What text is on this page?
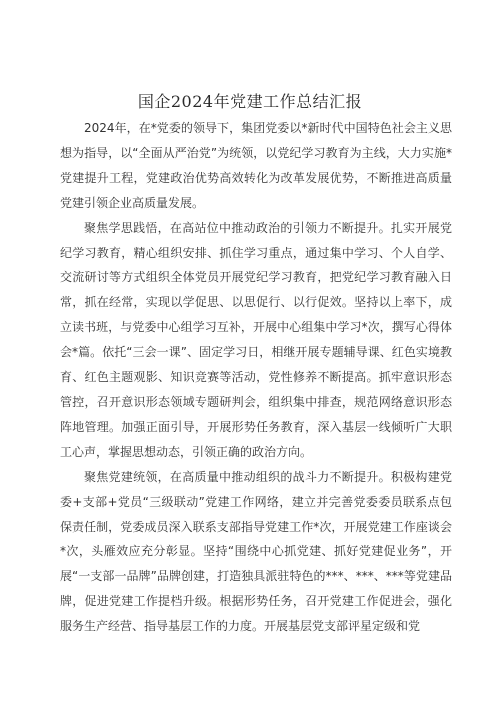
国企2024年党建工作总结汇报

2024年，在*党委的领导下，集团党委以*新时代中国特色社会主义思想为指导，以“全面从严治党”为统领，以党纪学习教育为主线，大力实施*党建提升工程，党建政治优势高效转化为改革发展优势，不断推进高质量党建引领企业高质量发展。

聚焦学思践悟，在高站位中推动政治的引领力不断提升。扎实开展党纪学习教育，精心组织安排、抓住学习重点，通过集中学习、个人自学、交流研讨等方式组织全体党员开展党纪学习教育，把党纪学习教育融入日常，抓在经常，实现以学促思、以思促行、以行促效。坚持以上率下，成立读书班，与党委中心组学习互补，开展中心组集中学习*次，撰写心得体会*篇。依托“三会一课”、固定学习日，相继开展专题辅导课、红色实境教育、红色主题观影、知识竞赛等活动，党性修养不断提高。抓牢意识形态管控，召开意识形态领域专题研判会，组织集中排查，规范网络意识形态阵地管理。加强正面引导，开展形势任务教育，深入基层一线倾听广大职工心声，掌握思想动态，引领正确的政治方向。

聚焦党建统领，在高质量中推动组织的战斗力不断提升。积极构建党委+支部+党员“三级联动”党建工作网络，建立并完善党委委员联系点包保责任制，党委成员深入联系支部指导党建工作*次，开展党建工作座谈会*次，头雁效应充分彰显。坚持“围绕中心抓党建、抓好党建促业务”，开展“一支部一品牌”品牌创建，打造独具派驻特色的***、***、***等党建品牌，促进党建工作提档升级。根据形势任务，召开党建工作促进会，强化服务生产经营、指导基层工作的力度。开展基层党支部评星定级和党
